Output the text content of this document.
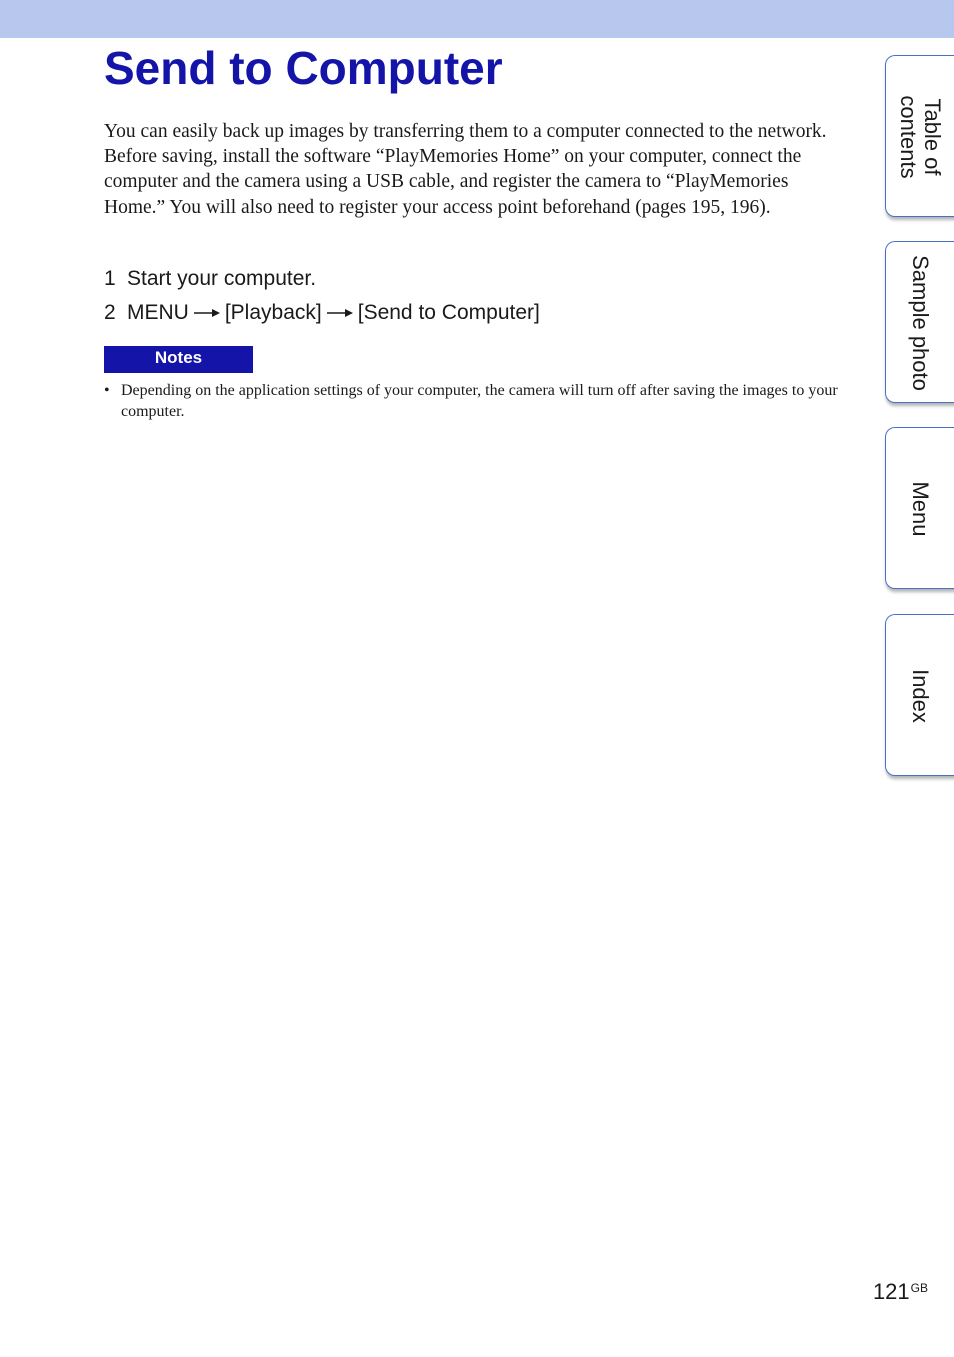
Send to Computer

You can easily back up images by transferring them to a computer connected to the network. Before saving, install the software “PlayMemories Home” on your computer, connect the computer and the camera using a USB cable, and register the camera to “PlayMemories Home.” You will also need to register your access point beforehand (pages 195, 196).

1 Start your computer.
2 MENU [Playback] [Send to Computer]
Notes
• Depending on the application settings of your computer, the camera will turn off after saving the images to your computer.
Table of
contents
Sample photo
Menu
Index
$121^{GB}$
